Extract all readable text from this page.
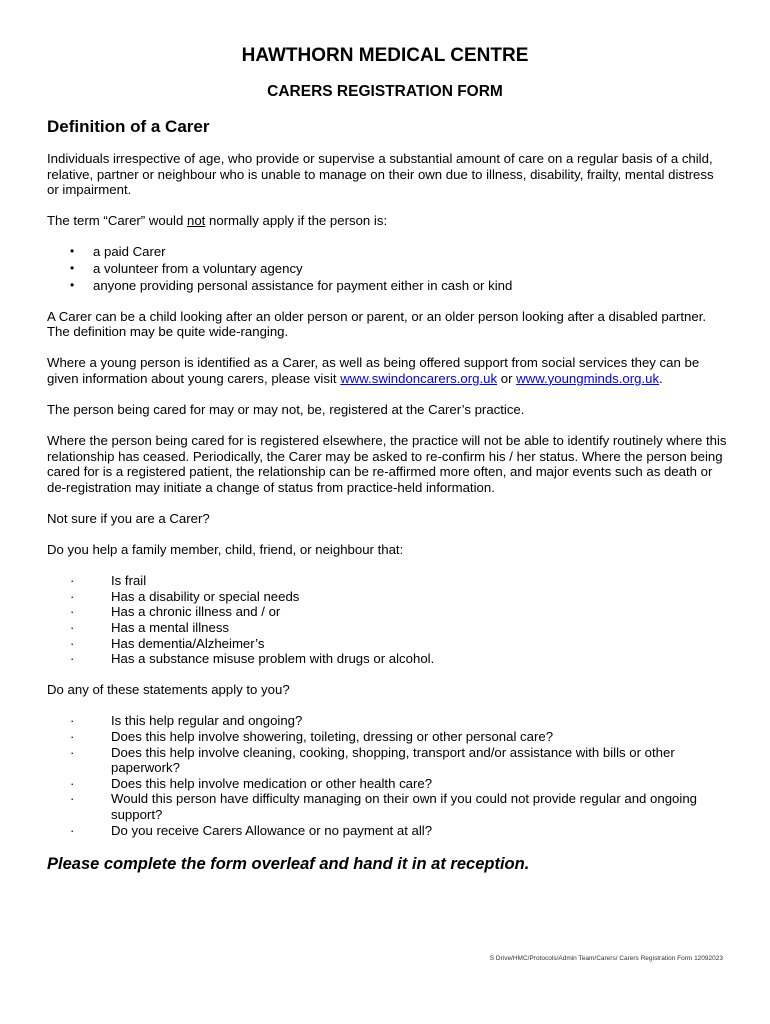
HAWTHORN MEDICAL CENTRE
CARERS REGISTRATION FORM
Definition of a Carer

Individuals irrespective of age, who provide or supervise a substantial amount of care on a regular basis of a child, relative, partner or neighbour who is unable to manage on their own due to illness, disability, frailty, mental distress or impairment.

The term “Carer” would not normally apply if the person is:

• a paid Carer
• a volunteer from a voluntary agency
• anyone providing personal assistance for payment either in cash or kind

A Carer can be a child looking after an older person or parent, or an older person looking after a disabled partner. The definition may be quite wide-ranging.

Where a young person is identified as a Carer, as well as being offered support from social services they can be given information about young carers, please visit www.swindoncarers.org.uk or www.youngminds.org.uk.

The person being cared for may or may not, be, registered at the Carer’s practice.

Where the person being cared for is registered elsewhere, the practice will not be able to identify routinely where this relationship has ceased. Periodically, the Carer may be asked to re-confirm his / her status. Where the person being cared for is a registered patient, the relationship can be re-affirmed more often, and major events such as death or de-registration may initiate a change of status from practice-held information.

Not sure if you are a Carer?

Do you help a family member, child, friend, or neighbour that:

·	Is frail
·	Has a disability or special needs
·	Has a chronic illness and / or
·	Has a mental illness
·	Has dementia/Alzheimer’s
·	Has a substance misuse problem with drugs or alcohol.

Do any of these statements apply to you?

·	Is this help regular and ongoing?
·	Does this help involve showering, toileting, dressing or other personal care?
·	Does this help involve cleaning, cooking, shopping, transport and/or assistance with bills or other paperwork?
·	Does this help involve medication or other health care?
·	Would this person have difficulty managing on their own if you could not provide regular and ongoing support?
·	Do you receive Carers Allowance or no payment at all?
Please complete the form overleaf and hand it in at reception.
S Drive/HMC/Protocols/Admin Team/Carers/ Carers Registration Form 12092023
